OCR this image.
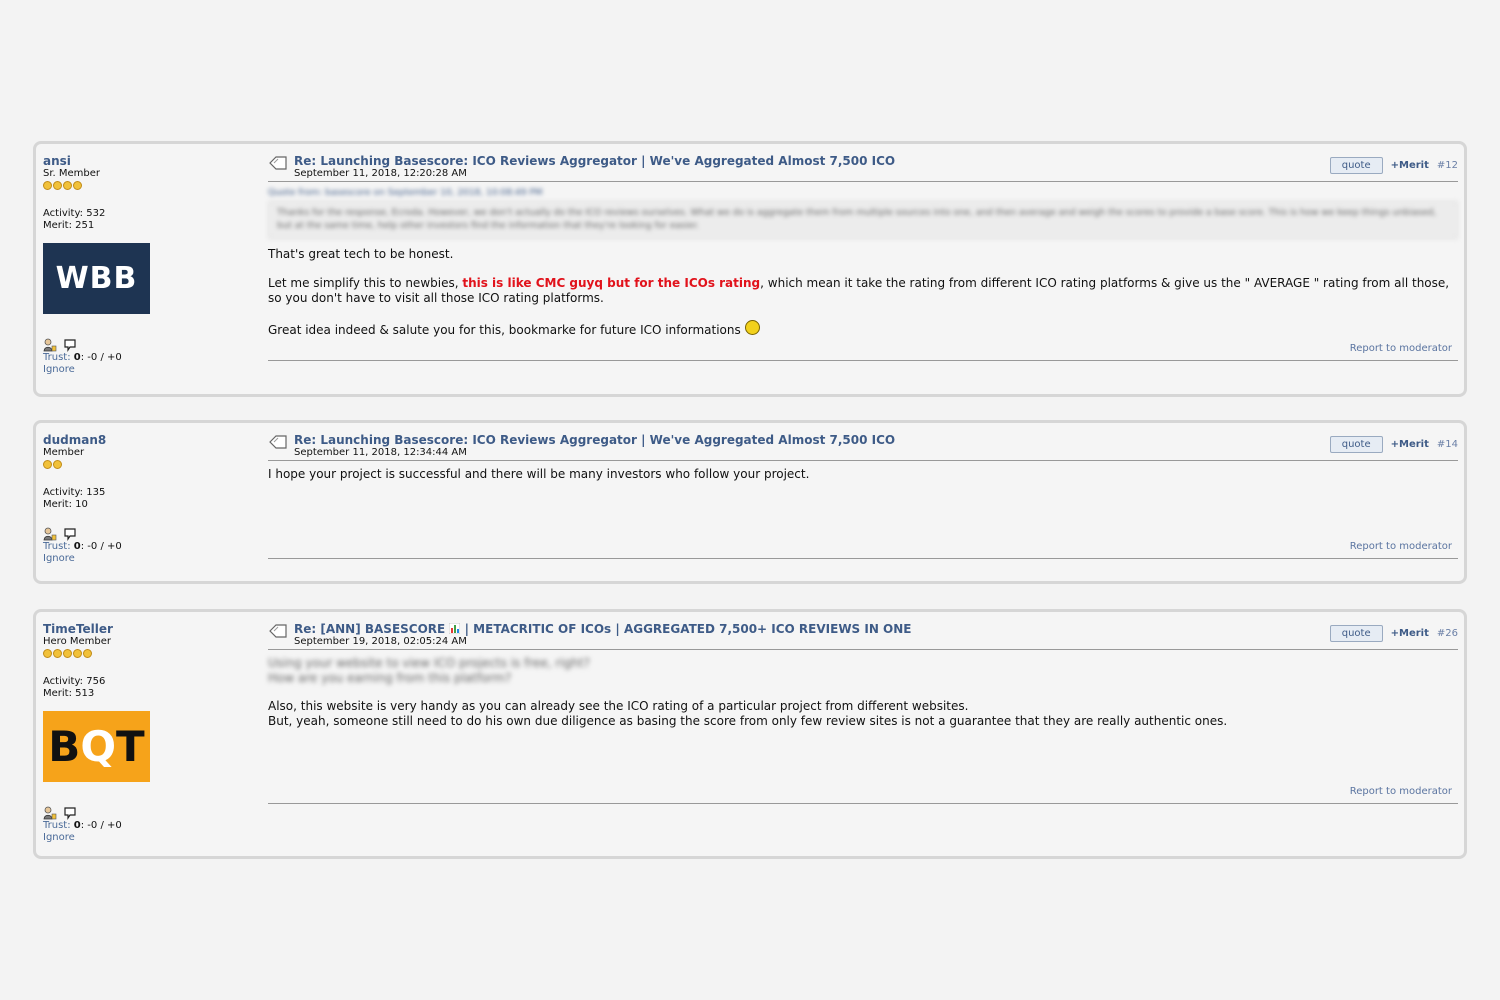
ansi
Sr. Member
Activity: 532
Merit: 251
WBB
Trust: 0: -0 / +0
Ignore
Re: Launching Basescore: ICO Reviews Aggregator | We've Aggregated Almost 7,500 ICO
September 11, 2018, 12:20:28 AM
quote	+Merit #12
Quote from: basescore on September 10, 2018, 10:08:49 PM
Thanks for the response, Ecroda. However, we don't actually do the ICO reviews ourselves. What we do is aggregate them from multiple sources into one, and then average and weigh the scores to provide a base score. This is how we keep things unbiased, but at the same time, help other investors find the information that they're looking for easier.

That's great tech to be honest.

Let me simplify this to newbies, this is like CMC guyq but for the ICOs rating, which mean it take the rating from different ICO rating platforms & give us the " AVERAGE " rating from all those, so you don't have to visit all those ICO rating platforms.

Great idea indeed & salute you for this, bookmarke for future ICO informations

Report to moderator
dudman8
Member
Activity: 135
Merit: 10
Trust: 0: -0 / +0
Ignore
Re: Launching Basescore: ICO Reviews Aggregator | We've Aggregated Almost 7,500 ICO
September 11, 2018, 12:34:44 AM
quote	+Merit #14

I hope your project is successful and there will be many investors who follow your project.

Report to moderator
TimeTeller
Hero Member
Activity: 756
Merit: 513
B Q T
Trust: 0: -0 / +0
Ignore
Re: [ANN] BASESCORE | METACRITIC OF ICOs | AGGREGATED 7,500+ ICO REVIEWS IN ONE
September 19, 2018, 02:05:24 AM
quote	+Merit #26

Using your website to view ICO projects is free, right?

How are you earning from this platform?

Also, this website is very handy as you can already see the ICO rating of a particular project from different websites.

But, yeah, someone still need to do his own due diligence as basing the score from only few review sites is not a guarantee that they are really authentic ones.

Report to moderator
